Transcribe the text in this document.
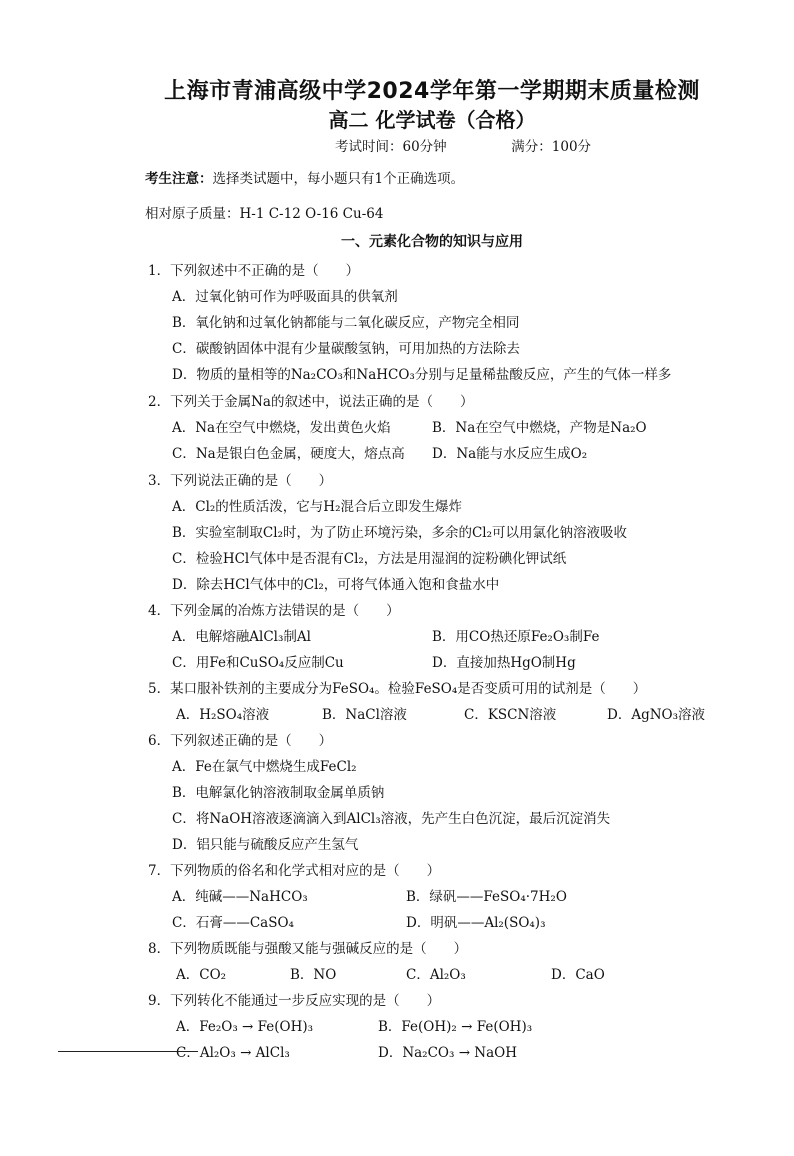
上海市青浦高级中学2024学年第一学期期末质量检测
高二 化学试卷（合格）
考试时间：60分钟	满分：100分
考生注意：选择类试题中，每小题只有1个正确选项。
相对原子质量：H-1 C-12 O-16 Cu-64
一、元素化合物的知识与应用
1．下列叙述中不正确的是（　　）
A．过氧化钠可作为呼吸面具的供氧剂
B．氧化钠和过氧化钠都能与二氧化碳反应，产物完全相同
C．碳酸钠固体中混有少量碳酸氢钠，可用加热的方法除去
D．物质的量相等的Na₂CO₃和NaHCO₃分别与足量稀盐酸反应，产生的气体一样多
2．下列关于金属Na的叙述中，说法正确的是（　　）
A．Na在空气中燃烧，发出黄色火焰	B．Na在空气中燃烧，产物是Na₂O
C．Na是银白色金属，硬度大，熔点高 D．Na能与水反应生成O₂
3．下列说法正确的是（　　）
A．Cl₂的性质活泼，它与H₂混合后立即发生爆炸
B．实验室制取Cl₂时，为了防止环境污染，多余的Cl₂可以用氯化钠溶液吸收
C．检验HCl气体中是否混有Cl₂，方法是用湿润的淀粉碘化钾试纸
D．除去HCl气体中的Cl₂，可将气体通入饱和食盐水中
4．下列金属的冶炼方法错误的是（　　）
A．电解熔融AlCl₃制Al	B．用CO热还原Fe₂O₃制Fe
C．用Fe和CuSO₄反应制Cu	D．直接加热HgO制Hg
5．某口服补铁剂的主要成分为FeSO₄。检验FeSO₄是否变质可用的试剂是（　　）
A．H₂SO₄溶液	B．NaCl溶液	C．KSCN溶液	D．AgNO₃溶液
6．下列叙述正确的是（　　）
A．Fe在氯气中燃烧生成FeCl₂
B．电解氯化钠溶液制取金属单质钠
C．将NaOH溶液逐滴滴入到AlCl₃溶液，先产生白色沉淀，最后沉淀消失
D．铝只能与硫酸反应产生氢气
7．下列物质的俗名和化学式相对应的是（　　）
A．纯碱——NaHCO₃	B．绿矾——FeSO₄·7H₂O
C．石膏——CaSO₄	D．明矾——Al₂(SO₄)₃
8．下列物质既能与强酸又能与强碱反应的是（　　）
A．CO₂	B．NO	C．Al₂O₃	D．CaO
9．下列转化不能通过一步反应实现的是（　　）
A．Fe₂O₃ → Fe(OH)₃	B．Fe(OH)₂ → Fe(OH)₃
C．Al₂O₃ → AlCl₃	D．Na₂CO₃ → NaOH
